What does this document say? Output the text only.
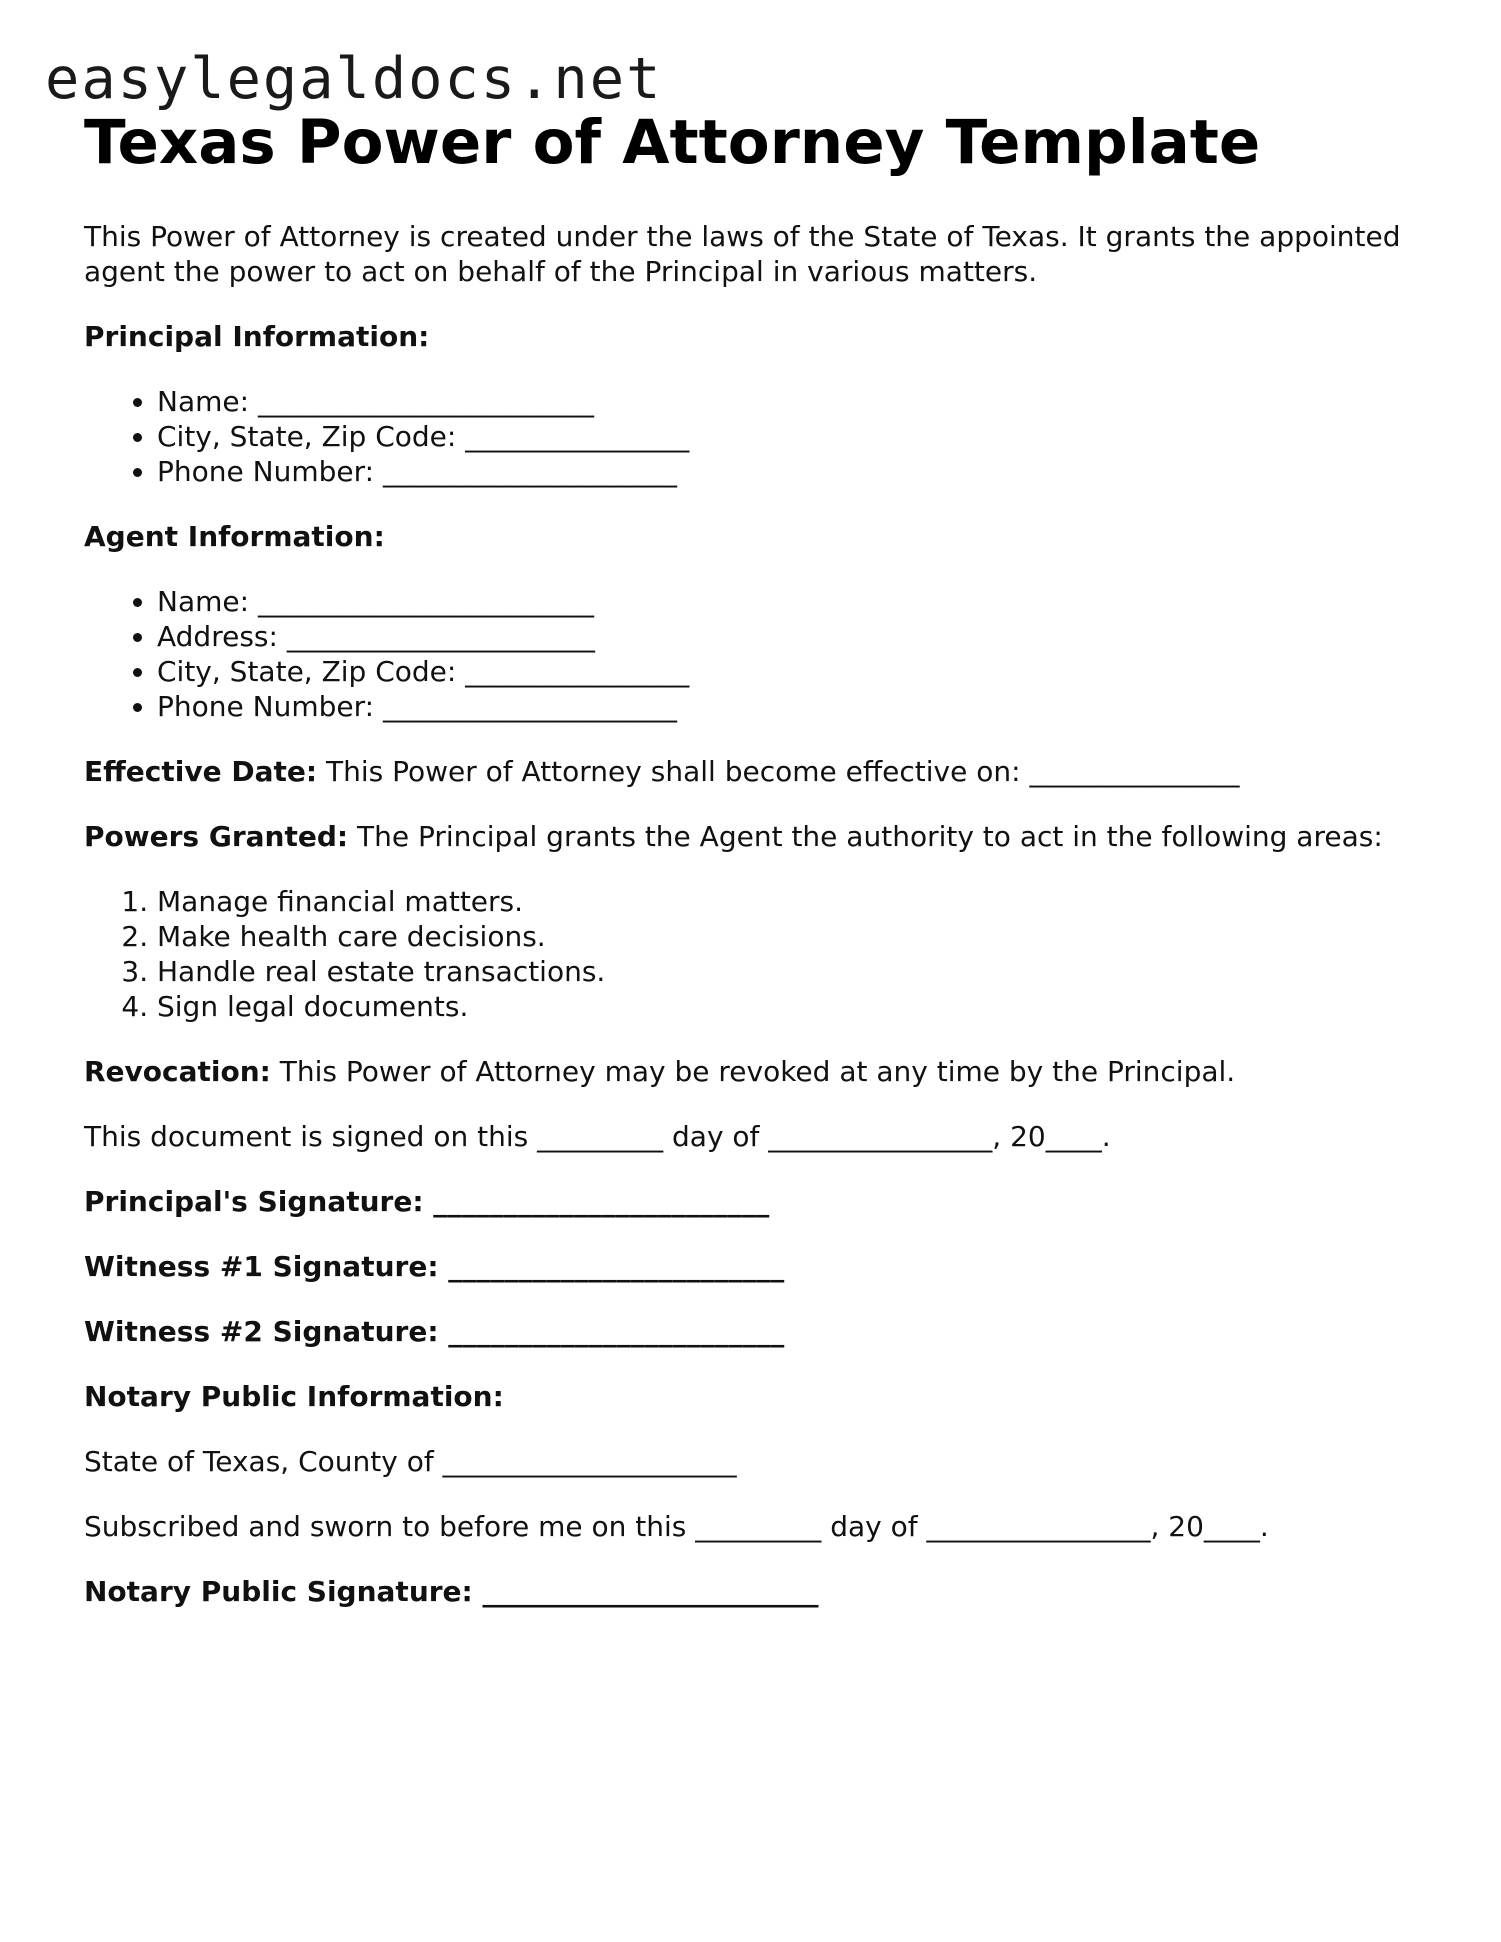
easylegaldocs.net
Texas Power of Attorney Template

This Power of Attorney is created under the laws of the State of Texas. It grants the appointed agent the power to act on behalf of the Principal in various matters.

Principal Information:

• Name: ________________________
• City, State, Zip Code: ________________
• Phone Number: _____________________

Agent Information:

• Name: ________________________
• Address: ______________________
• City, State, Zip Code: ________________
• Phone Number: _____________________

Effective Date: This Power of Attorney shall become effective on: _______________

Powers Granted: The Principal grants the Agent the authority to act in the following areas:

1. Manage financial matters.
2. Make health care decisions.
3. Handle real estate transactions.
4. Sign legal documents.

Revocation: This Power of Attorney may be revoked at any time by the Principal.

This document is signed on this _________ day of ________________, 20____.

Principal's Signature: ________________________

Witness #1 Signature: ________________________

Witness #2 Signature: ________________________

Notary Public Information:

State of Texas, County of _____________________

Subscribed and sworn to before me on this _________ day of ________________, 20____.

Notary Public Signature: ________________________
